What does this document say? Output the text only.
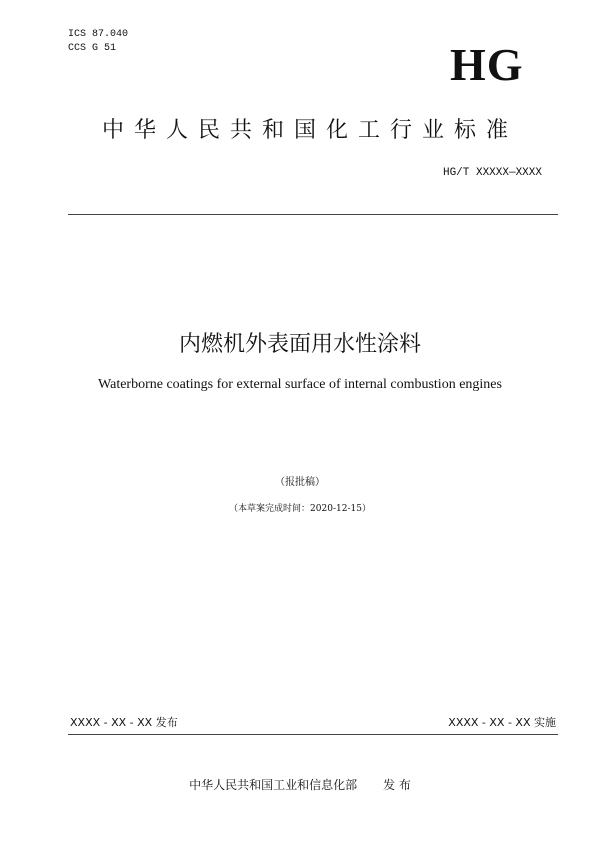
ICS 87.040
CCS G 51	HG
中华人民共和国化工行业标准
HG/T XXXXX—XXXX
内燃机外表面用水性涂料
Waterborne coatings for external surface of internal combustion engines
（报批稿）
（本草案完成时间：2020-12-15）
XXXX - XX - XX 发布	XXXX - XX - XX 实施
中华人民共和国工业和信息化部 发 布
